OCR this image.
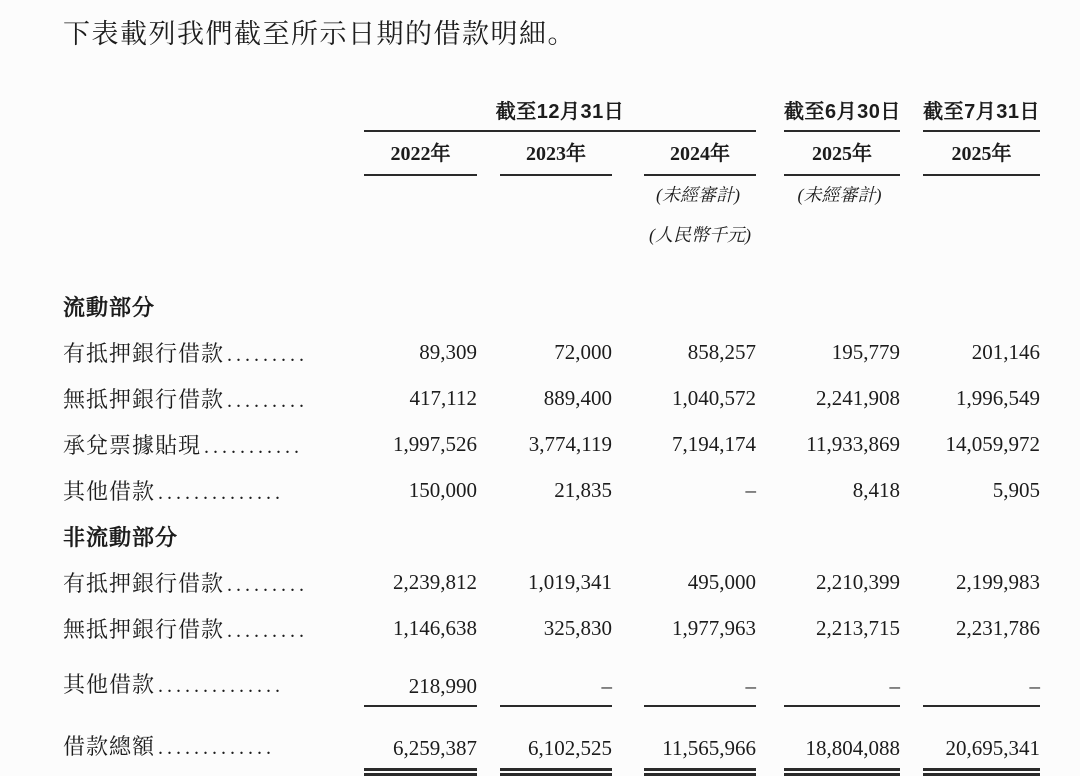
下表載列我們截至所示日期的借款明細。

	截至12月31日			截至6月30日	截至7月31日

	2022年	2023年	2024年	2025年	2025年

			(未經審計)	(未經審計)	

			(人民幣千元)		

流動部分					
有抵押銀行借款 .........	89,309	72,000	858,257	195,779	201,146

無抵押銀行借款 .........	417,112	889,400	1,040,572	2,241,908	1,996,549

承兌票據貼現 ...........	1,997,526	3,774,119	7,194,174	11,933,869	14,059,972

其他借款 ..............	150,000	21,835	–	8,418	5,905

非流動部分					
有抵押銀行借款 .........	2,239,812	1,019,341	495,000	2,210,399	2,199,983

無抵押銀行借款 .........	1,146,638	325,830	1,977,963	2,213,715	2,231,786

其他借款 ..............	218,990	–	–	–	–

借款總額 .............	6,259,387	6,102,525	11,565,966	18,804,088	20,695,341
